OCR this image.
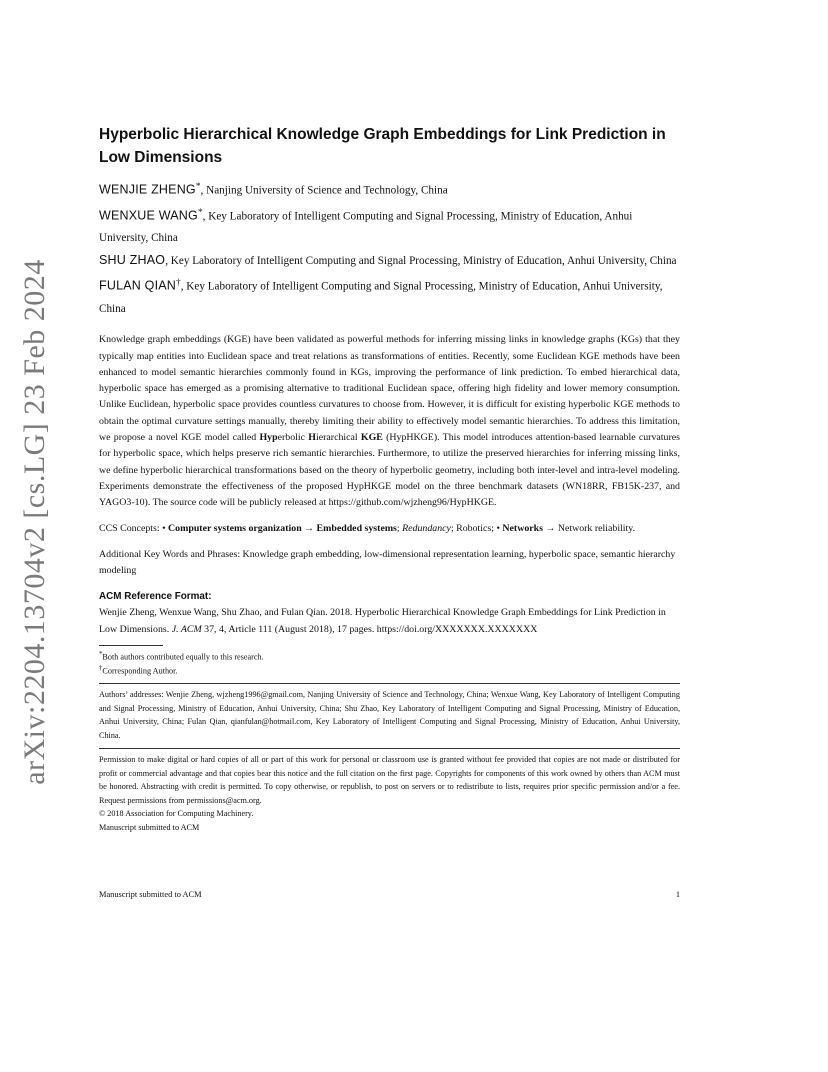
arXiv:2204.13704v2 [cs.LG] 23 Feb 2024
Hyperbolic Hierarchical Knowledge Graph Embeddings for Link Prediction in Low Dimensions

WENJIE ZHENG*, Nanjing University of Science and Technology, China

WENXUE WANG*, Key Laboratory of Intelligent Computing and Signal Processing, Ministry of Education, Anhui University, China

SHU ZHAO, Key Laboratory of Intelligent Computing and Signal Processing, Ministry of Education, Anhui University, China

FULAN QIAN†, Key Laboratory of Intelligent Computing and Signal Processing, Ministry of Education, Anhui University, China

Knowledge graph embeddings (KGE) have been validated as powerful methods for inferring missing links in knowledge graphs (KGs) that they typically map entities into Euclidean space and treat relations as transformations of entities. Recently, some Euclidean KGE methods have been enhanced to model semantic hierarchies commonly found in KGs, improving the performance of link prediction. To embed hierarchical data, hyperbolic space has emerged as a promising alternative to traditional Euclidean space, offering high fidelity and lower memory consumption. Unlike Euclidean, hyperbolic space provides countless curvatures to choose from. However, it is difficult for existing hyperbolic KGE methods to obtain the optimal curvature settings manually, thereby limiting their ability to effectively model semantic hierarchies. To address this limitation, we propose a novel KGE model called Hyperbolic Hierarchical KGE (HypHKGE). This model introduces attention-based learnable curvatures for hyperbolic space, which helps preserve rich semantic hierarchies. Furthermore, to utilize the preserved hierarchies for inferring missing links, we define hyperbolic hierarchical transformations based on the theory of hyperbolic geometry, including both inter-level and intra-level modeling. Experiments demonstrate the effectiveness of the proposed HypHKGE model on the three benchmark datasets (WN18RR, FB15K-237, and YAGO3-10). The source code will be publicly released at https://github.com/wjzheng96/HypHKGE.

CCS Concepts: • Computer systems organization → Embedded systems; Redundancy; Robotics; • Networks → Network reliability.

Additional Key Words and Phrases: Knowledge graph embedding, low-dimensional representation learning, hyperbolic space, semantic hierarchy modeling

ACM Reference Format:

Wenjie Zheng, Wenxue Wang, Shu Zhao, and Fulan Qian. 2018. Hyperbolic Hierarchical Knowledge Graph Embeddings for Link Prediction in Low Dimensions. J. ACM 37, 4, Article 111 (August 2018), 17 pages. https://doi.org/XXXXXXX.XXXXXXX

*Both authors contributed equally to this research.

†Corresponding Author.

Authors’ addresses: Wenjie Zheng, wjzheng1996@gmail.com, Nanjing University of Science and Technology, China; Wenxue Wang, Key Laboratory of Intelligent Computing and Signal Processing, Ministry of Education, Anhui University, China; Shu Zhao, Key Laboratory of Intelligent Computing and Signal Processing, Ministry of Education, Anhui University, China; Fulan Qian, qianfulan@hotmail.com, Key Laboratory of Intelligent Computing and Signal Processing, Ministry of Education, Anhui University, China.

Permission to make digital or hard copies of all or part of this work for personal or classroom use is granted without fee provided that copies are not made or distributed for profit or commercial advantage and that copies bear this notice and the full citation on the first page. Copyrights for components of this work owned by others than ACM must be honored. Abstracting with credit is permitted. To copy otherwise, or republish, to post on servers or to redistribute to lists, requires prior specific permission and/or a fee. Request permissions from permissions@acm.org.

© 2018 Association for Computing Machinery.

Manuscript submitted to ACM

Manuscript submitted to ACM	1
